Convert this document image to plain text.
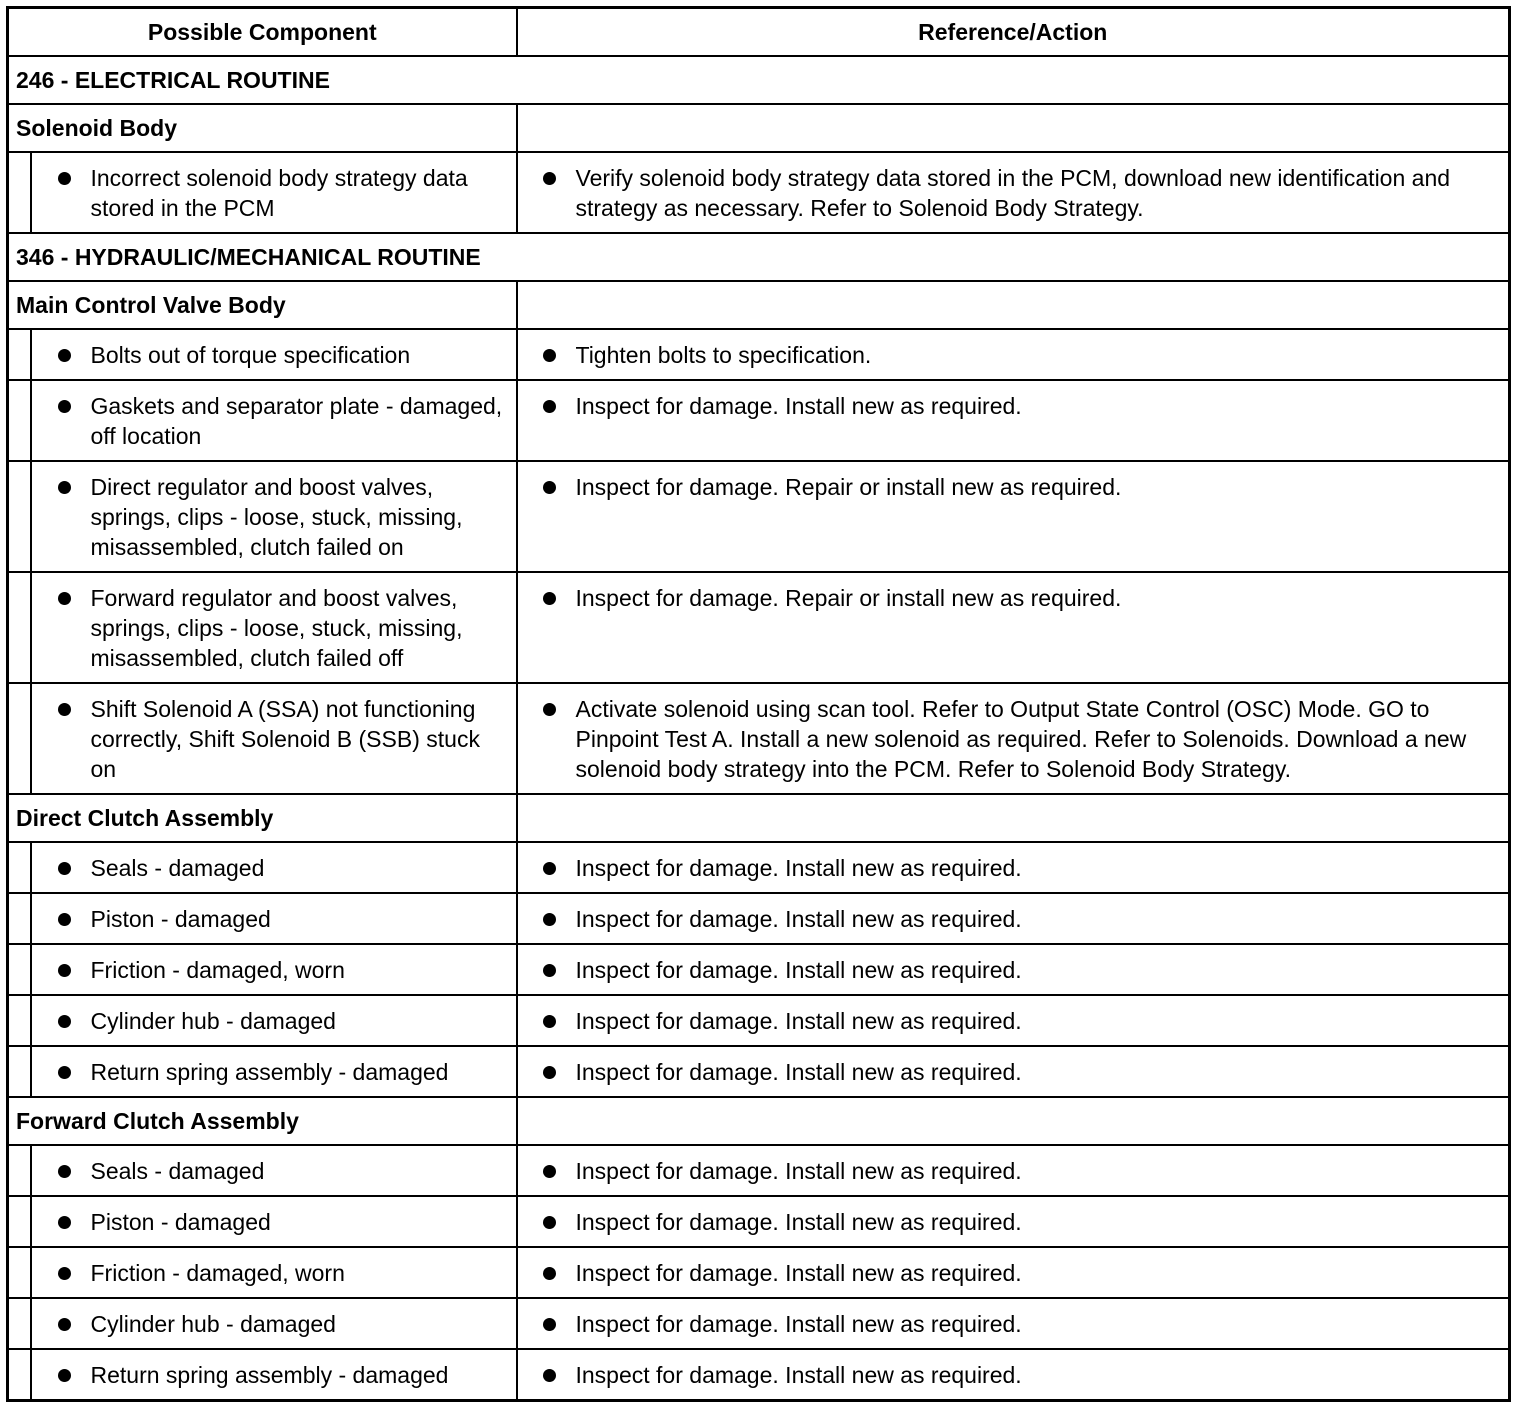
Possible Component		Reference/Action
246 - ELECTRICAL ROUTINE		
Solenoid Body		

	Incorrect solenoid body strategy data stored in the PCM	Verify solenoid body strategy data stored in the PCM, download new identification and strategy as necessary. Refer to Solenoid Body Strategy.

346 - HYDRAULIC/MECHANICAL ROUTINE		
Main Control Valve Body		

	Bolts out of torque specification	Tighten bolts to specification.

	Gaskets and separator plate - damaged, off location	Inspect for damage. Install new as required.

	Direct regulator and boost valves, springs, clips - loose, stuck, missing, misassembled, clutch failed on	Inspect for damage. Repair or install new as required.

	Forward regulator and boost valves, springs, clips - loose, stuck, missing, misassembled, clutch failed off	Inspect for damage. Repair or install new as required.

	Shift Solenoid A (SSA) not functioning correctly, Shift Solenoid B (SSB) stuck on	Activate solenoid using scan tool. Refer to Output State Control (OSC) Mode. GO to Pinpoint Test A. Install a new solenoid as required. Refer to Solenoids. Download a new solenoid body strategy into the PCM. Refer to Solenoid Body Strategy.

Direct Clutch Assembly		

	Seals - damaged	Inspect for damage. Install new as required.

	Piston - damaged	Inspect for damage. Install new as required.

	Friction - damaged, worn	Inspect for damage. Install new as required.

	Cylinder hub - damaged	Inspect for damage. Install new as required.

	Return spring assembly - damaged	Inspect for damage. Install new as required.

Forward Clutch Assembly		

	Seals - damaged	Inspect for damage. Install new as required.

	Piston - damaged	Inspect for damage. Install new as required.

	Friction - damaged, worn	Inspect for damage. Install new as required.

	Cylinder hub - damaged	Inspect for damage. Install new as required.

	Return spring assembly - damaged	Inspect for damage. Install new as required.
